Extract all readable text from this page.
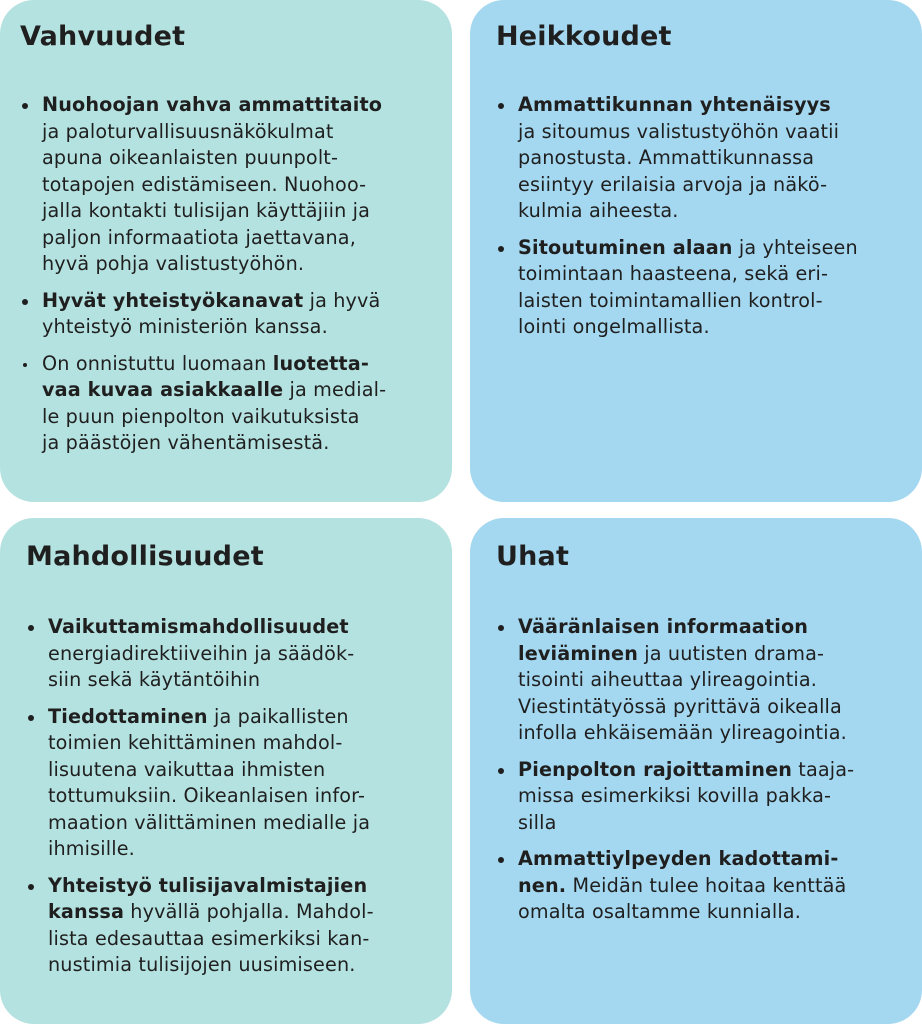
Vahvuudet
Nuohoojan vahva ammattitaito
ja paloturvallisuusnäkökulmat
apuna oikeanlaisten puunpolt-
totapojen edistämiseen. Nuohoo-
jalla kontakti tulisijan käyttäjiin ja
paljon informaatiota jaettavana,
hyvä pohja valistustyöhön.
Hyvät yhteistyökanavat ja hyvä
yhteistyö ministeriön kanssa.
On onnistuttu luomaan luotetta-
vaa kuvaa asiakkaalle ja medial-
le puun pienpolton vaikutuksista
ja päästöjen vähentämisestä.
Heikkoudet
Ammattikunnan yhtenäisyys
ja sitoumus valistustyöhön vaatii
panostusta. Ammattikunnassa
esiintyy erilaisia arvoja ja näkö-
kulmia aiheesta.
Sitoutuminen alaan ja yhteiseen
toimintaan haasteena, sekä eri-
laisten toimintamallien kontrol-
lointi ongelmallista.
Mahdollisuudet
Vaikuttamismahdollisuudet
energiadirektiiveihin ja säädök-
siin sekä käytäntöihin
Tiedottaminen ja paikallisten
toimien kehittäminen mahdol-
lisuutena vaikuttaa ihmisten
tottumuksiin. Oikeanlaisen infor-
maation välittäminen medialle ja
ihmisille.
Yhteistyö tulisijavalmistajien
kanssa hyvällä pohjalla. Mahdol-
lista edesauttaa esimerkiksi kan-
nustimia tulisijojen uusimiseen.
Uhat
Vääränlaisen informaation
leviäminen ja uutisten drama-
tisointi aiheuttaa ylireagointia.
Viestintätyössä pyrittävä oikealla
infolla ehkäisemään ylireagointia.
Pienpolton rajoittaminen taaja-
missa esimerkiksi kovilla pakka-
silla
Ammattiylpeyden kadottami-
nen. Meidän tulee hoitaa kenttää
omalta osaltamme kunnialla.
